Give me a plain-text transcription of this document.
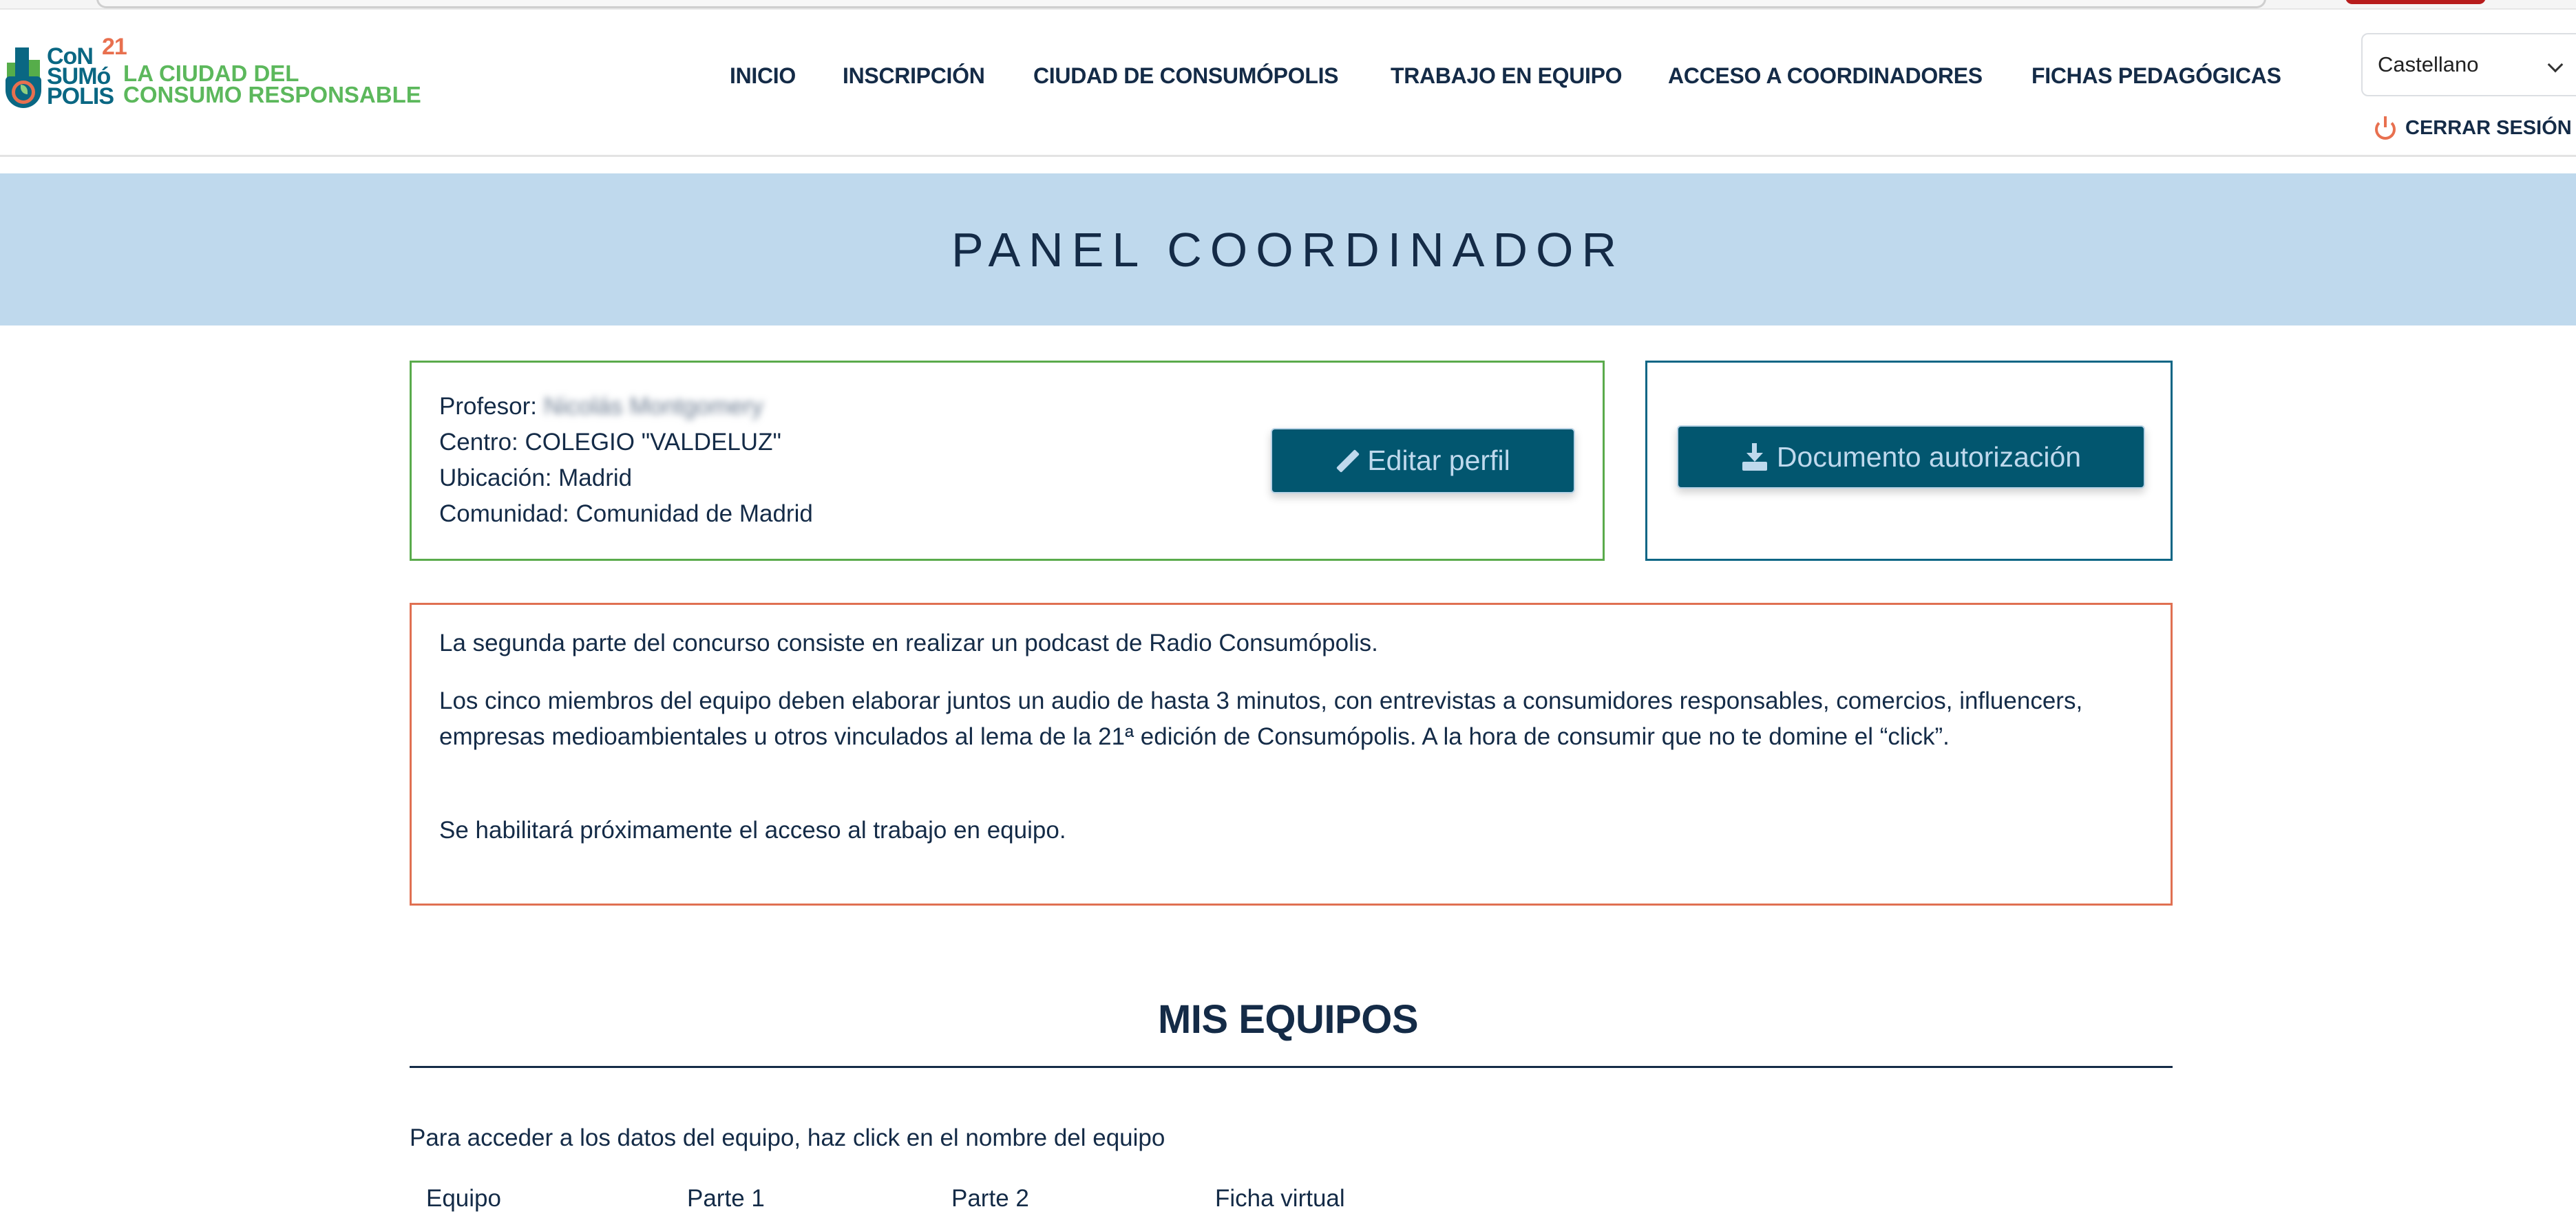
CoN
SUMó
POLIS
21
LA CIUDAD DEL
CONSUMO RESPONSABLE
INICIO INSCRIPCIÓN CIUDAD DE CONSUMÓPOLIS TRABAJO EN EQUIPO ACCESO A COORDINADORES FICHAS PEDAGÓGICAS	Castellano
CERRAR SESIÓN
PANEL COORDINADOR
Profesor: Nicolás Montgomery
Centro: COLEGIO "VALDELUZ"
Ubicación: Madrid
Comunidad: Comunidad de Madrid
Editar perfil	Documento autorización

La segunda parte del concurso consiste en realizar un podcast de Radio Consumópolis.

Los cinco miembros del equipo deben elaborar juntos un audio de hasta 3 minutos, con entrevistas a consumidores responsables, comercios, influencers, empresas medioambientales u otros vinculados al lema de la 21ª edición de Consumópolis. A la hora de consumir que no te domine el “click”.

Se habilitará próximamente el acceso al trabajo en equipo.

MIS EQUIPOS
Para acceder a los datos del equipo, haz click en el nombre del equipo
Equipo	Parte 1	Parte 2	Ficha virtual
